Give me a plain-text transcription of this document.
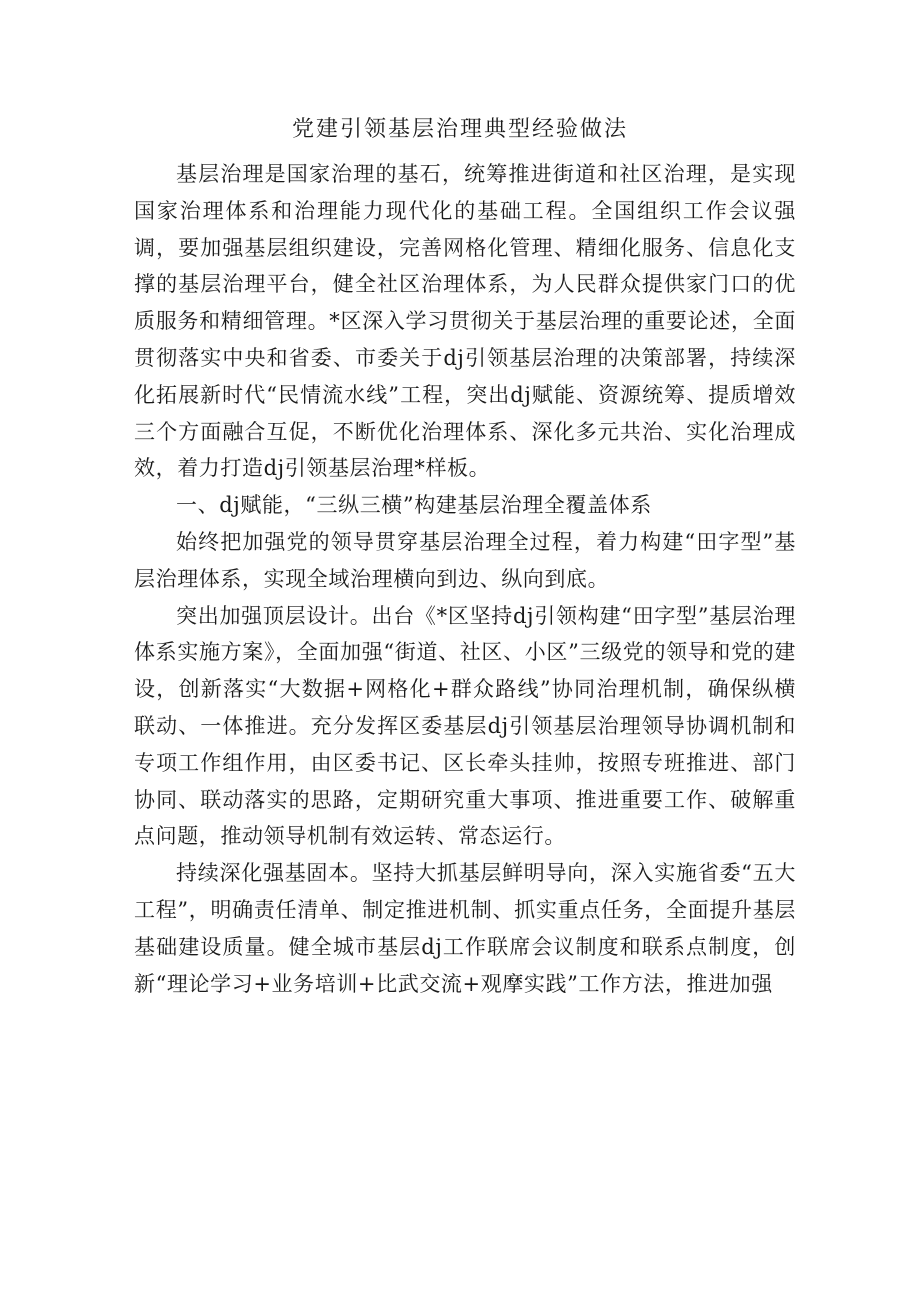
党建引领基层治理典型经验做法

基层治理是国家治理的基石，统筹推进街道和社区治理，是实现国家治理体系和治理能力现代化的基础工程。全国组织工作会议强调，要加强基层组织建设，完善网格化管理、精细化服务、信息化支撑的基层治理平台，健全社区治理体系，为人民群众提供家门口的优质服务和精细管理。*区深入学习贯彻关于基层治理的重要论述，全面贯彻落实中央和省委、市委关于dj引领基层治理的决策部署，持续深化拓展新时代“民情流水线”工程，突出dj赋能、资源统筹、提质增效三个方面融合互促，不断优化治理体系、深化多元共治、实化治理成效，着力打造dj引领基层治理*样板。

一、dj赋能，“三纵三横”构建基层治理全覆盖体系

始终把加强党的领导贯穿基层治理全过程，着力构建“田字型”基层治理体系，实现全域治理横向到边、纵向到底。

突出加强顶层设计。出台《*区坚持dj引领构建“田字型”基层治理体系实施方案》，全面加强“街道、社区、小区”三级党的领导和党的建设，创新落实“大数据+网格化+群众路线”协同治理机制，确保纵横联动、一体推进。充分发挥区委基层dj引领基层治理领导协调机制和专项工作组作用，由区委书记、区长牵头挂帅，按照专班推进、部门协同、联动落实的思路，定期研究重大事项、推进重要工作、破解重点问题，推动领导机制有效运转、常态运行。

持续深化强基固本。坚持大抓基层鲜明导向，深入实施省委“五大工程”，明确责任清单、制定推进机制、抓实重点任务，全面提升基层基础建设质量。健全城市基层dj工作联席会议制度和联系点制度，创新“理论学习+业务培训+比武交流+观摩实践”工作方法，推进加强
